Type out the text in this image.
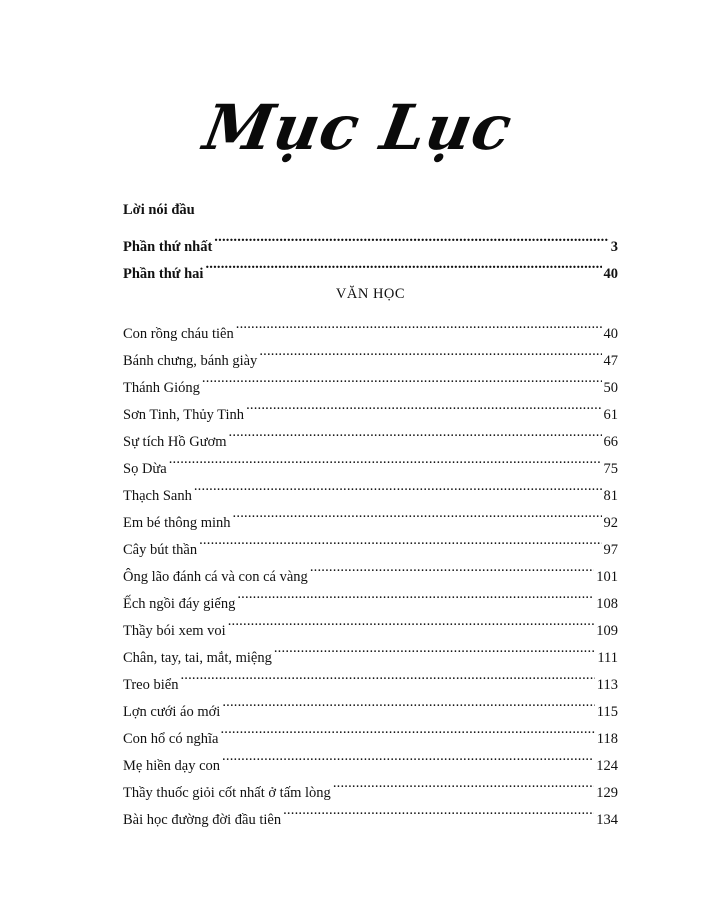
Mục Lục
Lời nói đầu
Phần thứ nhất .....	3
Phần thứ hai .....	40
VĂN HỌC
Con rồng cháu tiên .....	40
Bánh chưng, bánh giày .....	47
Thánh Gióng .....	50
Sơn Tinh, Thủy Tinh .....	61
Sự tích Hồ Gươm .....	66
Sọ Dừa .....	75
Thạch Sanh .....	81
Em bé thông minh .....	92
Cây bút thần .....	97
Ông lão đánh cá và con cá vàng .....	101
Ếch ngồi đáy giếng .....	108
Thầy bói xem voi .....	109
Chân, tay, tai, mắt, miệng .....	111
Treo biển .....	113
Lợn cưới áo mới .....	115
Con hổ có nghĩa .....	118
Mẹ hiền dạy con .....	124
Thầy thuốc giỏi cốt nhất ở tấm lòng .....	129
Bài học đường đời đầu tiên .....	134
